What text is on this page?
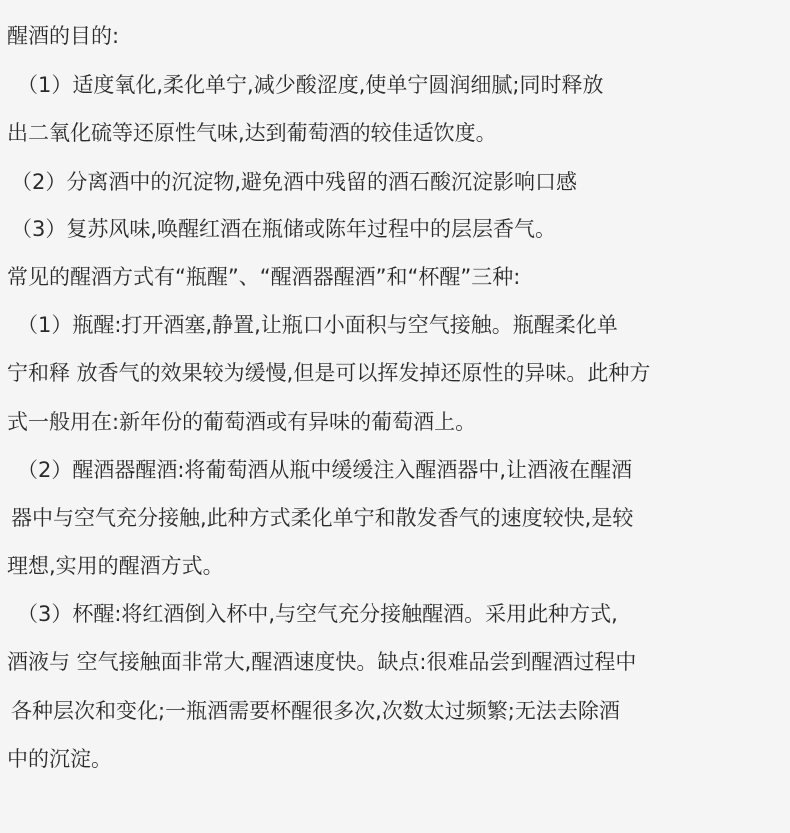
醒酒的目的:
（1）适度氧化,柔化单宁,减少酸涩度,使单宁圆润细腻;同时释放
出二氧化硫等还原性气味,达到葡萄酒的较佳适饮度。
（2）分离酒中的沉淀物,避免酒中残留的酒石酸沉淀影响口感
（3）复苏风味,唤醒红酒在瓶储或陈年过程中的层层香气。
常见的醒酒方式有“瓶醒”、“醒酒器醒酒”和“杯醒”三种:
（1）瓶醒:打开酒塞,静置,让瓶口小面积与空气接触。瓶醒柔化单
宁和释 放香气的效果较为缓慢,但是可以挥发掉还原性的异味。此种方
式一般用在:新年份的葡萄酒或有异味的葡萄酒上。
（2）醒酒器醒酒:将葡萄酒从瓶中缓缓注入醒酒器中,让酒液在醒酒
器中与空气充分接触,此种方式柔化单宁和散发香气的速度较快,是较
理想,实用的醒酒方式。
（3）杯醒:将红酒倒入杯中,与空气充分接触醒酒。采用此种方式,
酒液与 空气接触面非常大,醒酒速度快。缺点:很难品尝到醒酒过程中
各种层次和变化;一瓶酒需要杯醒很多次,次数太过频繁;无法去除酒
中的沉淀。
